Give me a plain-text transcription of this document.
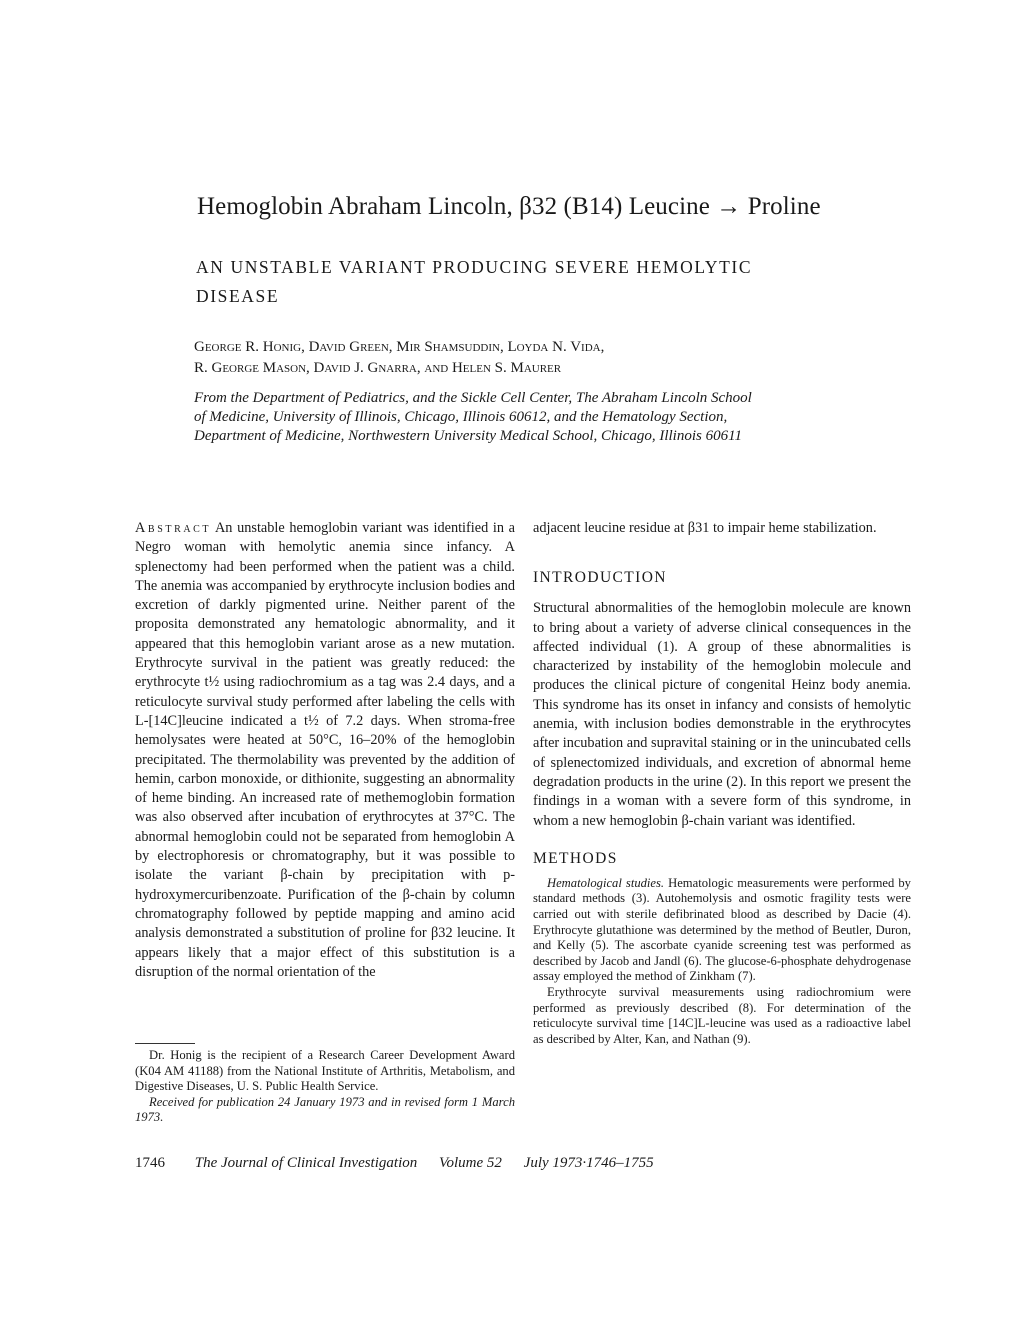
Hemoglobin Abraham Lincoln, β32 (B14) Leucine → Proline
AN UNSTABLE VARIANT PRODUCING SEVERE HEMOLYTIC DISEASE
George R. Honig, David Green, Mir Shamsuddin, Loyda N. Vida,
R. George Mason, David J. Gnarra, and Helen S. Maurer
From the Department of Pediatrics, and the Sickle Cell Center, The Abraham Lincoln School of Medicine, University of Illinois, Chicago, Illinois 60612, and the Hematology Section, Department of Medicine, Northwestern University Medical School, Chicago, Illinois 60611

Abstract An unstable hemoglobin variant was identified in a Negro woman with hemolytic anemia since infancy. A splenectomy had been performed when the patient was a child. The anemia was accompanied by erythrocyte inclusion bodies and excretion of darkly pigmented urine. Neither parent of the proposita demonstrated any hematologic abnormality, and it appeared that this hemoglobin variant arose as a new mutation. Erythrocyte survival in the patient was greatly reduced: the erythrocyte t½ using radiochromium as a tag was 2.4 days, and a reticulocyte survival study performed after labeling the cells with L-[14C]leucine indicated a t½ of 7.2 days. When stroma-free hemolysates were heated at 50°C, 16–20% of the hemoglobin precipitated. The thermolability was prevented by the addition of hemin, carbon monoxide, or dithionite, suggesting an abnormality of heme binding. An increased rate of methemoglobin formation was also observed after incubation of erythrocytes at 37°C. The abnormal hemoglobin could not be separated from hemoglobin A by electrophoresis or chromatography, but it was possible to isolate the variant β-chain by precipitation with p-hydroxymercuribenzoate. Purification of the β-chain by column chromatography followed by peptide mapping and amino acid analysis demonstrated a substitution of proline for β32 leucine. It appears likely that a major effect of this substitution is a disruption of the normal orientation of the

Dr. Honig is the recipient of a Research Career Development Award (K04 AM 41188) from the National Institute of Arthritis, Metabolism, and Digestive Diseases, U. S. Public Health Service.

Received for publication 24 January 1973 and in revised form 1 March 1973.

adjacent leucine residue at β31 to impair heme stabilization.

INTRODUCTION

Structural abnormalities of the hemoglobin molecule are known to bring about a variety of adverse clinical consequences in the affected individual (1). A group of these abnormalities is characterized by instability of the hemoglobin molecule and produces the clinical picture of congenital Heinz body anemia. This syndrome has its onset in infancy and consists of hemolytic anemia, with inclusion bodies demonstrable in the erythrocytes after incubation and supravital staining or in the unincubated cells of splenectomized individuals, and excretion of abnormal heme degradation products in the urine (2). In this report we present the findings in a woman with a severe form of this syndrome, in whom a new hemoglobin β-chain variant was identified.

METHODS

Hematological studies. Hematologic measurements were performed by standard methods (3). Autohemolysis and osmotic fragility tests were carried out with sterile defibrinated blood as described by Dacie (4). Erythrocyte glutathione was determined by the method of Beutler, Duron, and Kelly (5). The ascorbate cyanide screening test was performed as described by Jacob and Jandl (6). The glucose-6-phosphate dehydrogenase assay employed the method of Zinkham (7).

Erythrocyte survival measurements using radiochromium were performed as previously described (8). For determination of the reticulocyte survival time [14C]L-leucine was used as a radioactive label as described by Alter, Kan, and Nathan (9).

1746 The Journal of Clinical Investigation Volume 52 July 1973·1746–1755
